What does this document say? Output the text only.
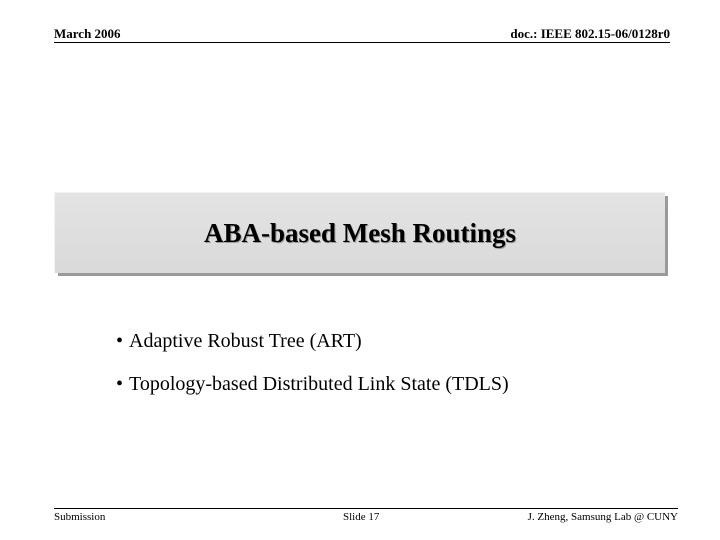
March 2006	doc.: IEEE 802.15-06/0128r0
ABA-based Mesh Routings
• Adaptive Robust Tree (ART)
• Topology-based Distributed Link State (TDLS)
Submission	Slide 17	J. Zheng, Samsung Lab @ CUNY
